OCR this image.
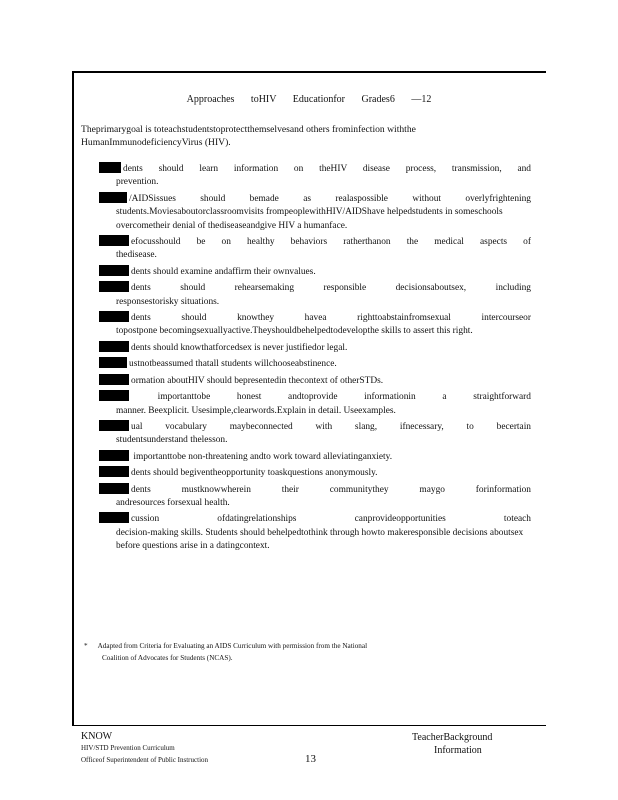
Approaches toHIV Educationfor Grades6 —12
Theprimarygoal is toteachstudentstoprotectthemselvesand others frominfection withthe HumanImmunodeficiencyVirus (HIV).
dents should learn information on theHIV disease process, transmission, and
prevention.
/AIDSissues should bemade as realaspossible without overlyfrightening
students.Moviesaboutorclassroomvisits frompeoplewithHIV/AIDShave helpedstudents in someschools overcometheir denial of thediseaseandgive HIV a humanface.
efocusshould be on healthy behaviors ratherthanon the medical aspects of
thedisease.
dents should examine andaffirm their ownvalues.
dents should rehearsemaking responsible decisionsaboutsex, including
responsestorisky situations.
dents should knowthey havea righttoabstainfromsexual intercourseor
topostpone becomingsexuallyactive.Theyshouldbehelpedtodevelopthe skills to assert this right.
dents should knowthatforcedsex is never justifiedor legal.
ustnotbeassumed thatall students willchooseabstinence.
ormation aboutHIV should bepresentedin thecontext of otherSTDs.
importanttobe honest andtoprovide informationin a straightforward
manner. Beexplicit. Usesimple,clearwords.Explain in detail. Useexamples.
ual vocabulary maybeconnected with slang, ifnecessary, to becertain
studentsunderstand thelesson.
importanttobe non-threatening andto work toward alleviatinganxiety.
dents should begiventheopportunity toaskquestions anonymously.
dents mustknowwherein their communitythey maygo forinformation
andresources forsexual health.
cussion ofdatingrelationships canprovideopportunities toteach
decision-making skills. Students should behelpedtothink through howto makeresponsible decisions aboutsex before questions arise in a datingcontext.
* Adapted from Criteria for Evaluating an AIDS Curriculum with permission from the National
Coalition of Advocates for Students (NCAS).
KNOW
HIV/STD Prevention Curriculum
Officeof Superintendent of Public Instruction	13
TeacherBackground
Information
